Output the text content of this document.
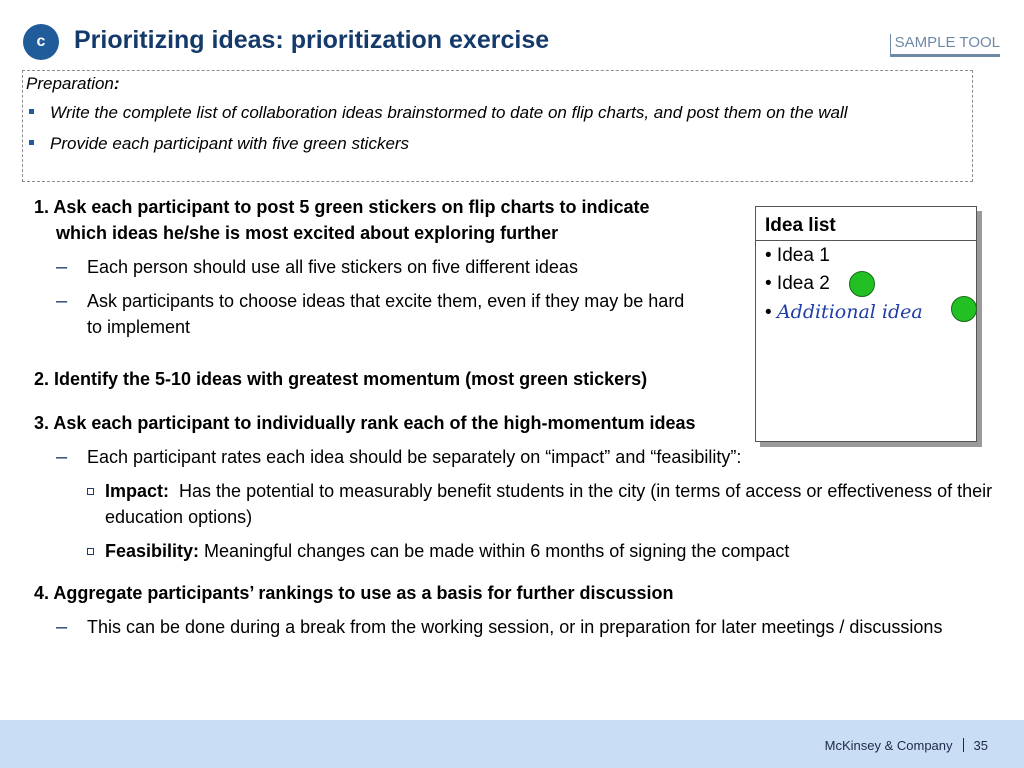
c	Prioritizing ideas: prioritization exercise	SAMPLE TOOL
Preparation:
Write the complete list of collaboration ideas brainstormed to date on flip charts, and post them on the wall
Provide each participant with five green stickers
1. Ask each participant to post 5 green stickers on flip charts to indicate which ideas he/she is most excited about exploring further
– Each person should use all five stickers on five different ideas
– Ask participants to choose ideas that excite them, even if they may be hard to implement
2. Identify the 5-10 ideas with greatest momentum (most green stickers)
3. Ask each participant to individually rank each of the high-momentum ideas
– Each participant rates each idea should be separately on “impact” and “feasibility”:
Impact: Has the potential to measurably benefit students in the city (in terms of access or effectiveness of their education options)
Feasibility: Meaningful changes can be made within 6 months of signing the compact
4. Aggregate participants’ rankings to use as a basis for further discussion
– This can be done during a break from the working session, or in preparation for later meetings / discussions
Idea list
• Idea 1
• Idea 2
• Additional idea
McKinsey & Company 35
